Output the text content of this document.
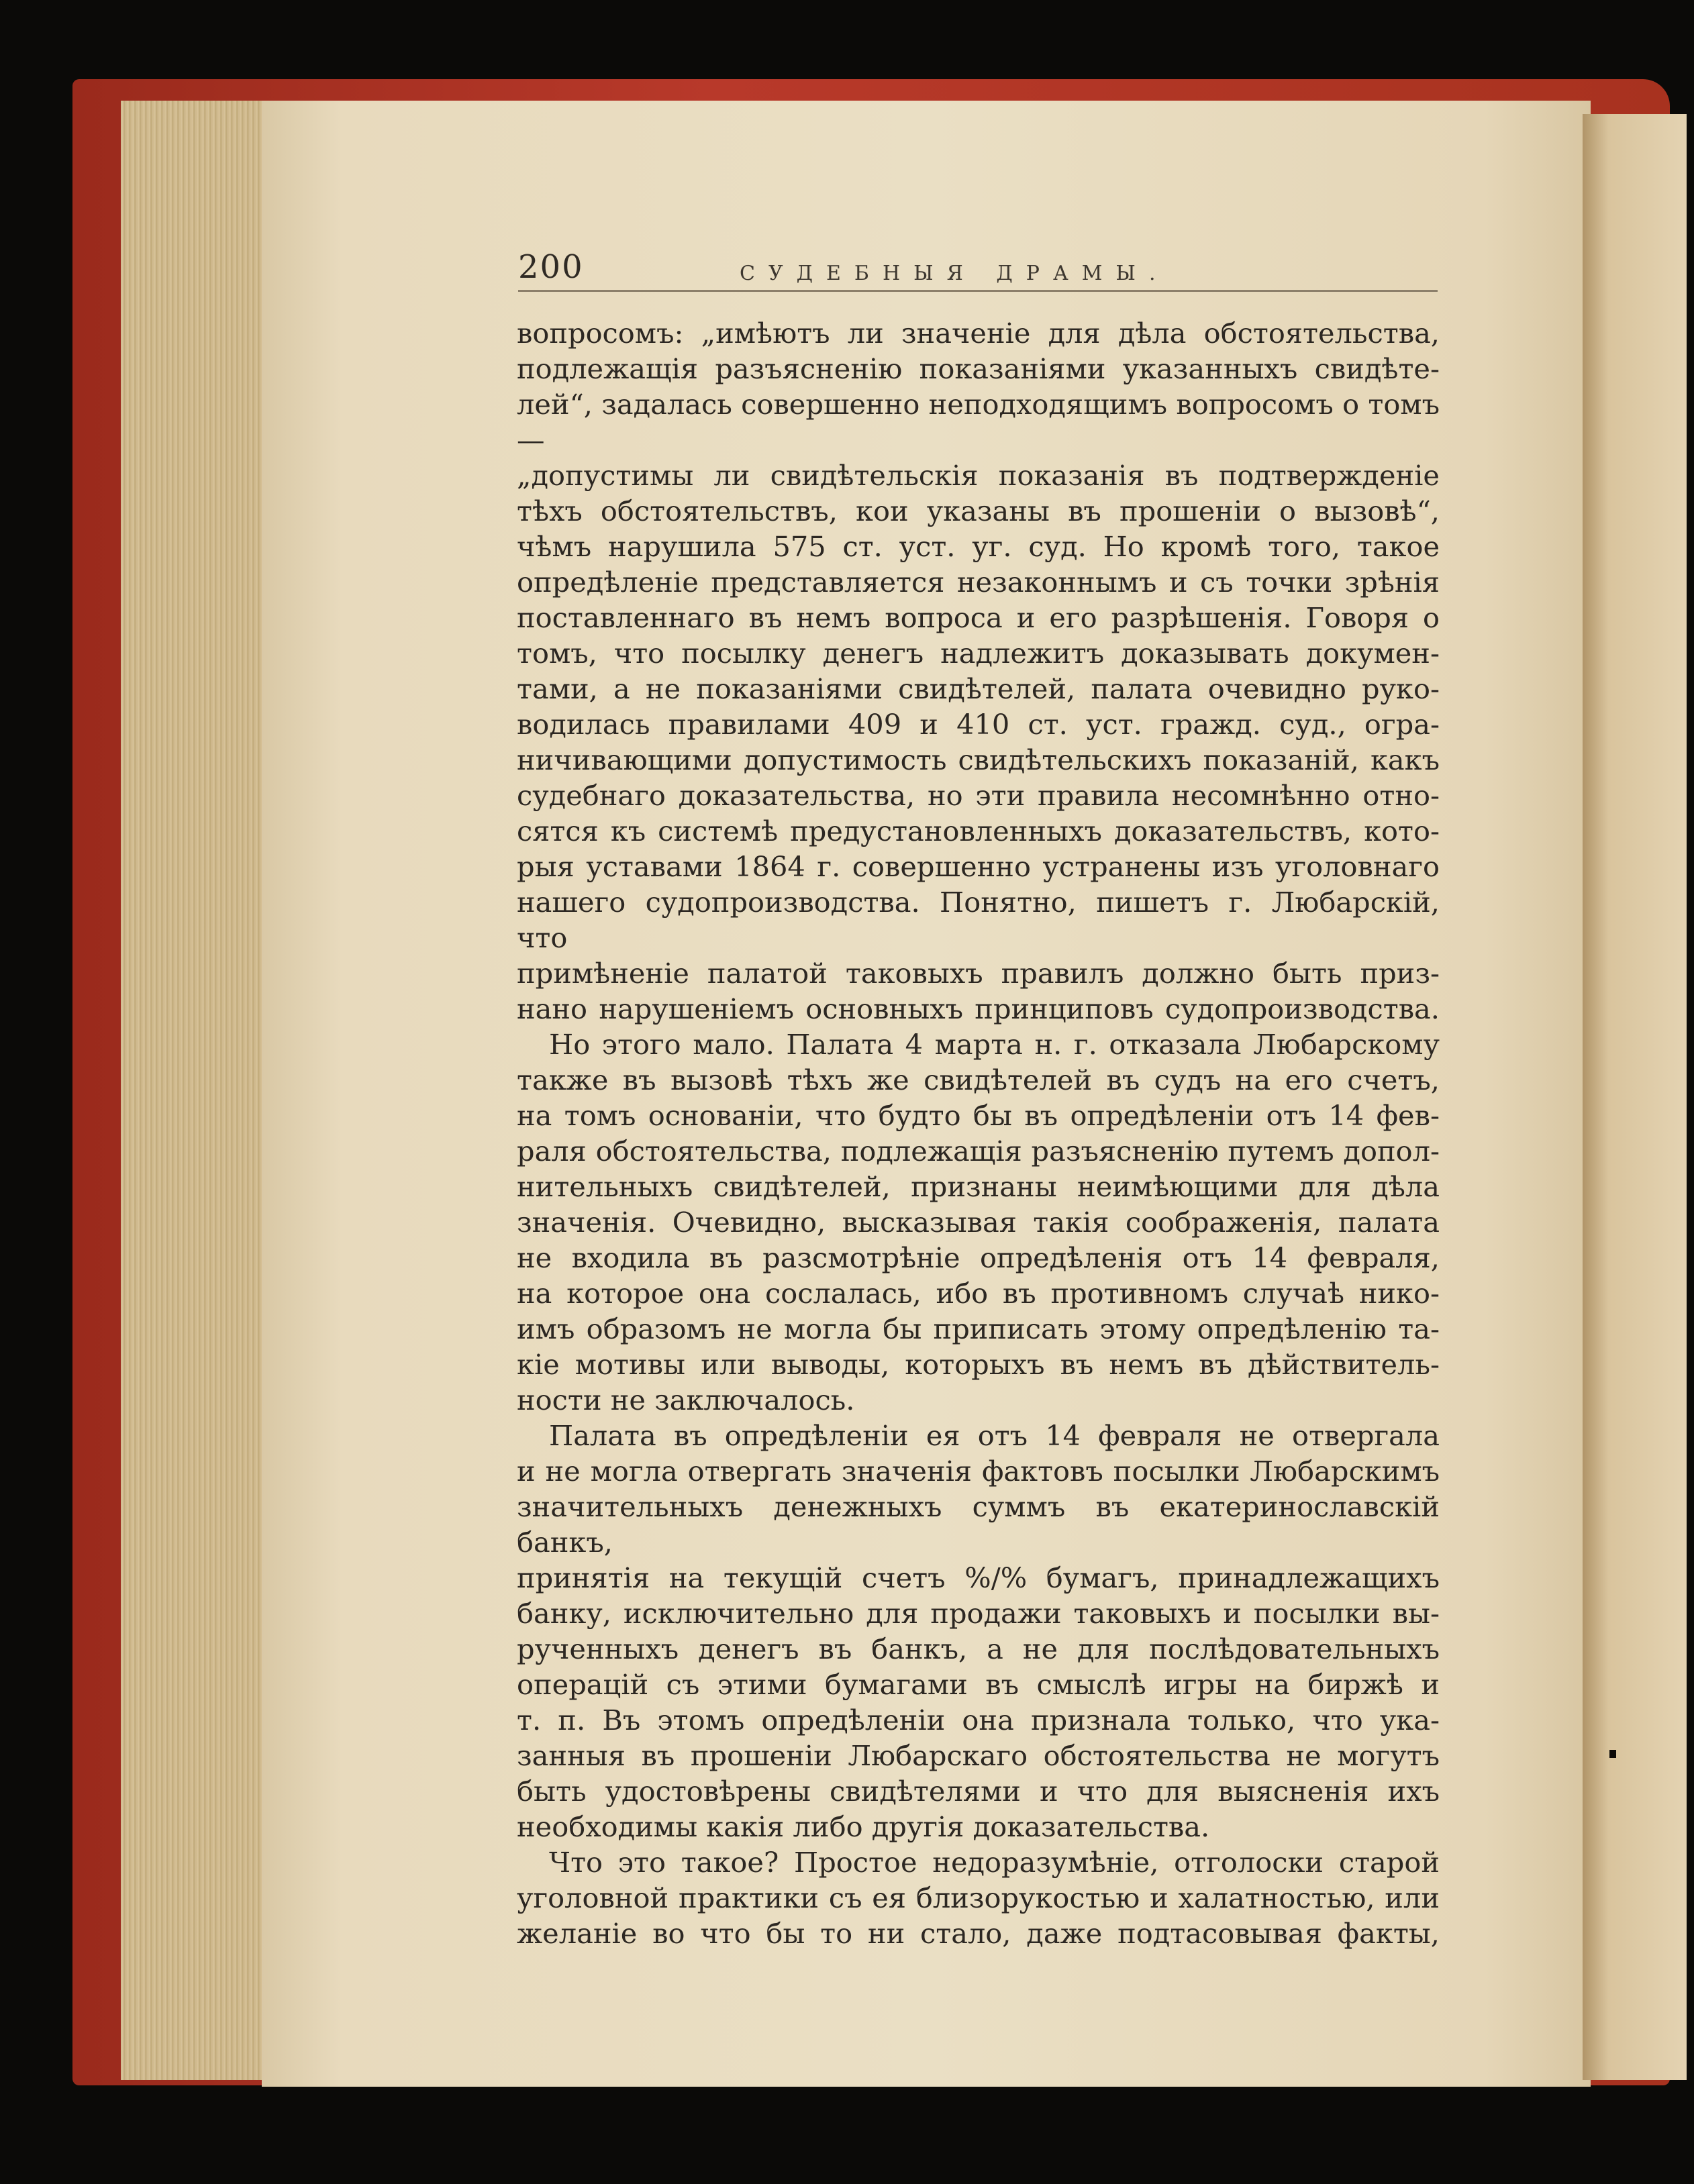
200	СУДЕБНЫЯ ДРАМЫ.

вопросомъ: „имѣютъ ли значеніе для дѣла обстоятельства,
подлежащія разъясненію показаніями указанныхъ свидѣте-
лей“, задалась совершенно неподходящимъ вопросомъ о томъ —
„допустимы ли свидѣтельскія показанія въ подтвержденіе
тѣхъ обстоятельствъ, кои указаны въ прошеніи о вызовѣ“,
чѣмъ нарушила 575 ст. уст. уг. суд. Но кромѣ того, такое
опредѣленіе представляется незаконнымъ и съ точки зрѣнія
поставленнаго въ немъ вопроса и его разрѣшенія. Говоря о
томъ, что посылку денегъ надлежитъ доказывать докумен-
тами, а не показаніями свидѣтелей, палата очевидно руко-
водилась правилами 409 и 410 ст. уст. гражд. суд., огра-
ничивающими допустимость свидѣтельскихъ показаній, какъ
судебнаго доказательства, но эти правила несомнѣнно отно-
сятся къ системѣ предустановленныхъ доказательствъ, кото-
рыя уставами 1864 г. совершенно устранены изъ уголовнаго
нашего судопроизводства. Понятно, пишетъ г. Любарскій, что
примѣненіе палатой таковыхъ правилъ должно быть приз-
нано нарушеніемъ основныхъ принциповъ судопроизводства.

Но этого мало. Палата 4 марта н. г. отказала Любарскому
также въ вызовѣ тѣхъ же свидѣтелей въ судъ на его счетъ,
на томъ основаніи, что будто бы въ опредѣленіи отъ 14 фев-
раля обстоятельства, подлежащія разъясненію путемъ допол-
нительныхъ свидѣтелей, признаны неимѣющими для дѣла
значенія. Очевидно, высказывая такія соображенія, палата
не входила въ разсмотрѣніе опредѣленія отъ 14 февраля,
на которое она сослалась, ибо въ противномъ случаѣ нико-
имъ образомъ не могла бы приписать этому опредѣленію та-
кіе мотивы или выводы, которыхъ въ немъ въ дѣйствитель-
ности не заключалось.

Палата въ опредѣленіи ея отъ 14 февраля не отвергала
и не могла отвергать значенія фактовъ посылки Любарскимъ
значительныхъ денежныхъ суммъ въ екатеринославскій банкъ,
принятія на текущій счетъ %/% бумагъ, принадлежащихъ
банку, исключительно для продажи таковыхъ и посылки вы-
рученныхъ денегъ въ банкъ, а не для послѣдовательныхъ
операцій съ этими бумагами въ смыслѣ игры на биржѣ и
т. п. Въ этомъ опредѣленіи она признала только, что ука-
занныя въ прошеніи Любарскаго обстоятельства не могутъ
быть удостовѣрены свидѣтелями и что для выясненія ихъ
необходимы какія либо другія доказательства.

Что это такое? Простое недоразумѣніе, отголоски старой
уголовной практики съ ея близорукостью и халатностью, или
желаніе во что бы то ни стало, даже подтасовывая факты,
